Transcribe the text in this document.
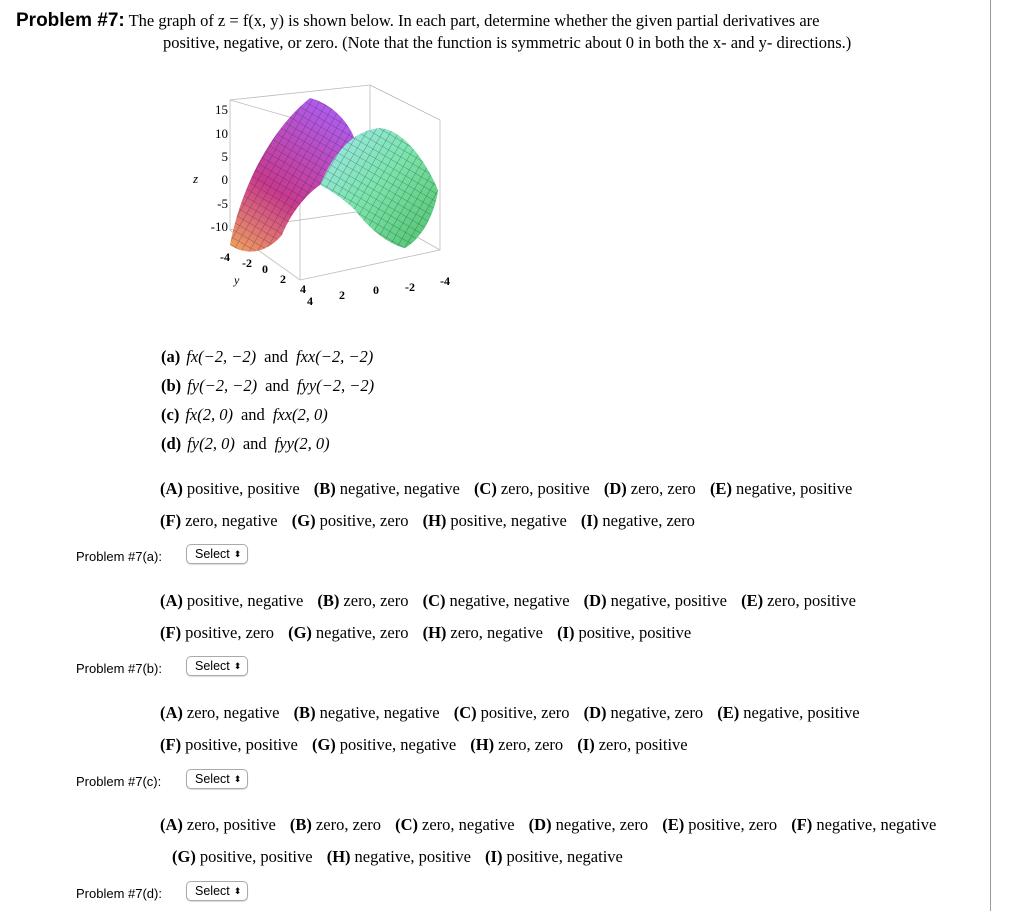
Problem #7: The graph of z = f(x, y) is shown below. In each part, determine whether the given partial derivatives are
positive, negative, or zero. (Note that the function is symmetric about 0 in both the x- and y- directions.)
15
10
5
0
-5
-10
z
-4 -2 0
2
4
y
4 2 0 -2 -4
(a) fx(−2, −2) and fxx(−2, −2)
(b) fy(−2, −2) and fyy(−2, −2)
(c) fx(2, 0) and fxx(2, 0)
(d) fy(2, 0) and fyy(2, 0)
(A) positive, positive (B) negative, negative (C) zero, positive (D) zero, zero (E) negative, positive
(F) zero, negative (G) positive, zero (H) positive, negative (I) negative, zero
Problem #7(a):	Select ⬍
(A) positive, negative (B) zero, zero (C) negative, negative (D) negative, positive (E) zero, positive
(F) positive, zero (G) negative, zero (H) zero, negative (I) positive, positive
Problem #7(b):	Select ⬍
(A) zero, negative (B) negative, negative (C) positive, zero (D) negative, zero (E) negative, positive
(F) positive, positive (G) positive, negative (H) zero, zero (I) zero, positive
Problem #7(c):	Select ⬍
(A) zero, positive (B) zero, zero (C) zero, negative (D) negative, zero (E) positive, zero (F) negative, negative
(G) positive, positive (H) negative, positive (I) positive, negative
Problem #7(d):	Select ⬍
